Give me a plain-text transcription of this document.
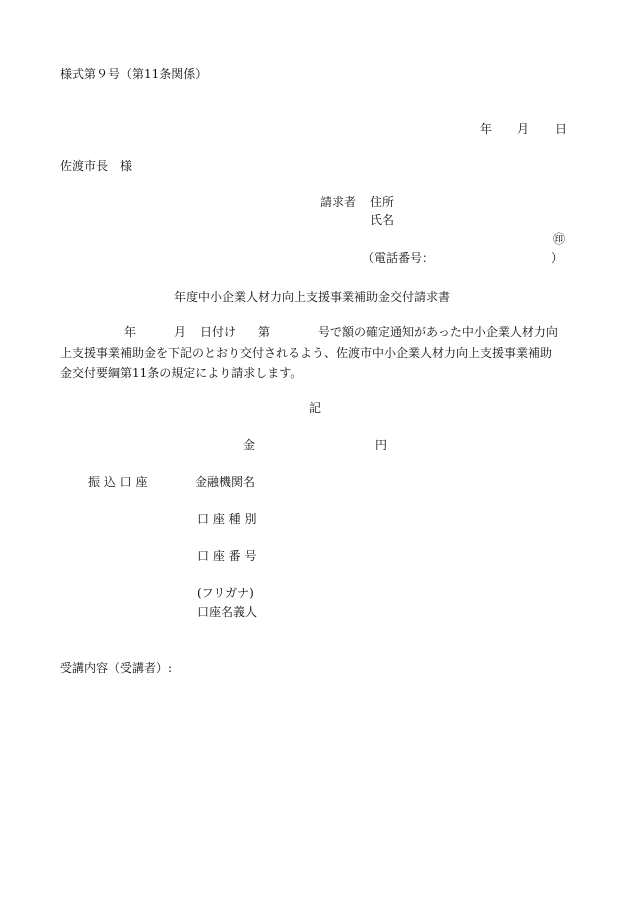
様式第９号（第11条関係）
年 月 日
佐渡市長　様
請求者 住所
氏名
㊞
（電話番号：	）
年度中小企業人材力向上支援事業補助金交付請求書
年	月 日付け 第	号で額の確定通知があった中小企業人材力向
上支援事業補助金を下記のとおり交付されるよう、佐渡市中小企業人材力向上支援事業補助
金交付要綱第11条の規定により請求します。
記
金	円
振 込 口 座	金融機関名
口 座 種 別
口 座 番 号
(フリガナ)
口座名義人
受講内容（受講者）:
